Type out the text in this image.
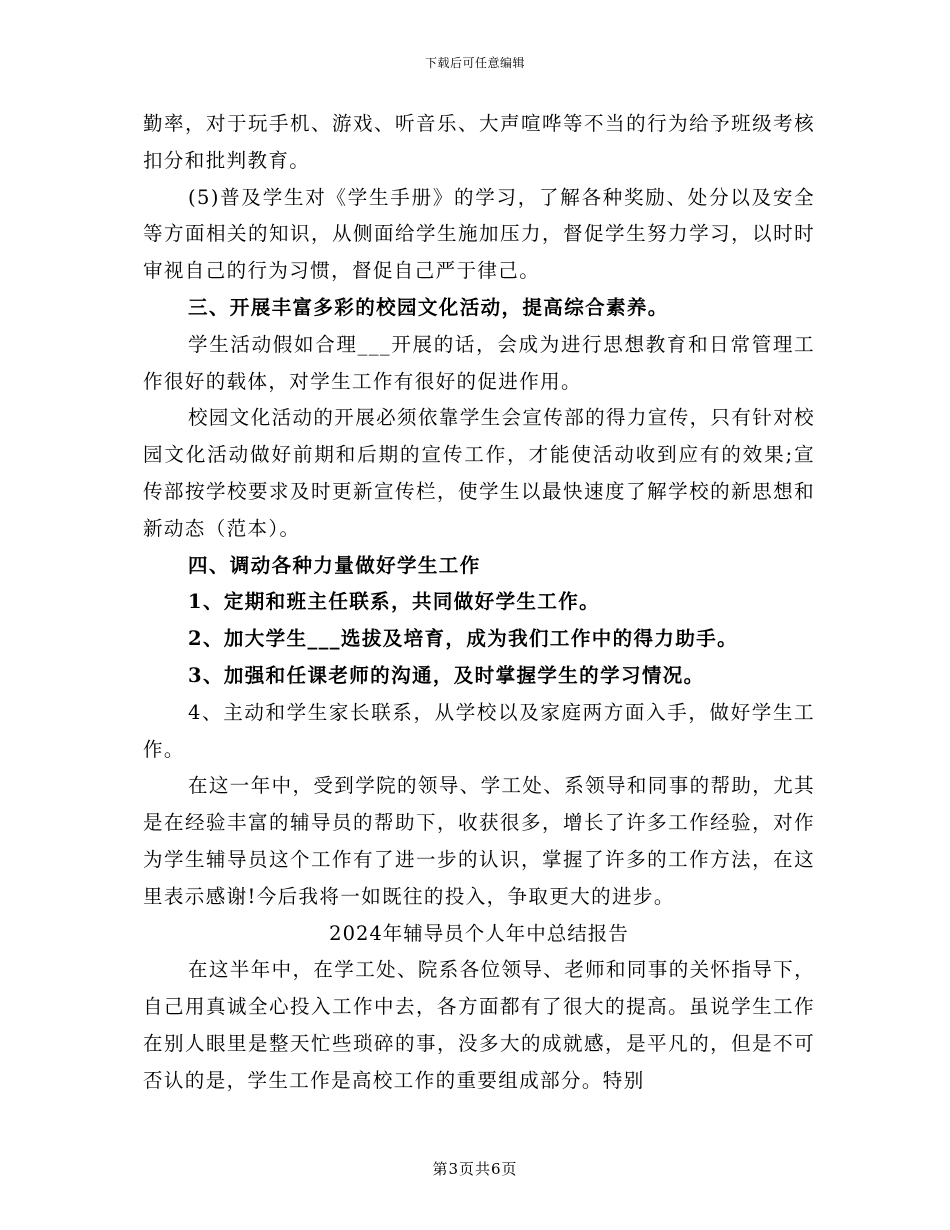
下载后可任意编辑

勤率，对于玩手机、游戏、听音乐、大声喧哗等不当的行为给予班级考核扣分和批判教育。

(5)普及学生对《学生手册》的学习，了解各种奖励、处分以及安全等方面相关的知识，从侧面给学生施加压力，督促学生努力学习，以时时审视自己的行为习惯，督促自己严于律己。

三、开展丰富多彩的校园文化活动，提高综合素养。

学生活动假如合理___开展的话，会成为进行思想教育和日常管理工作很好的载体，对学生工作有很好的促进作用。

校园文化活动的开展必须依靠学生会宣传部的得力宣传，只有针对校园文化活动做好前期和后期的宣传工作，才能使活动收到应有的效果;宣传部按学校要求及时更新宣传栏，使学生以最快速度了解学校的新思想和新动态（范本）。

四、调动各种力量做好学生工作

1、定期和班主任联系，共同做好学生工作。

2、加大学生___选拔及培育，成为我们工作中的得力助手。

3、加强和任课老师的沟通，及时掌握学生的学习情况。

4、主动和学生家长联系，从学校以及家庭两方面入手，做好学生工作。

在这一年中，受到学院的领导、学工处、系领导和同事的帮助，尤其是在经验丰富的辅导员的帮助下，收获很多，增长了许多工作经验，对作为学生辅导员这个工作有了进一步的认识，掌握了许多的工作方法，在这里表示感谢!今后我将一如既往的投入，争取更大的进步。

2024年辅导员个人年中总结报告

在这半年中，在学工处、院系各位领导、老师和同事的关怀指导下，自己用真诚全心投入工作中去，各方面都有了很大的提高。虽说学生工作在别人眼里是整天忙些琐碎的事，没多大的成就感，是平凡的，但是不可否认的是，学生工作是高校工作的重要组成部分。特别

第3页共6页
